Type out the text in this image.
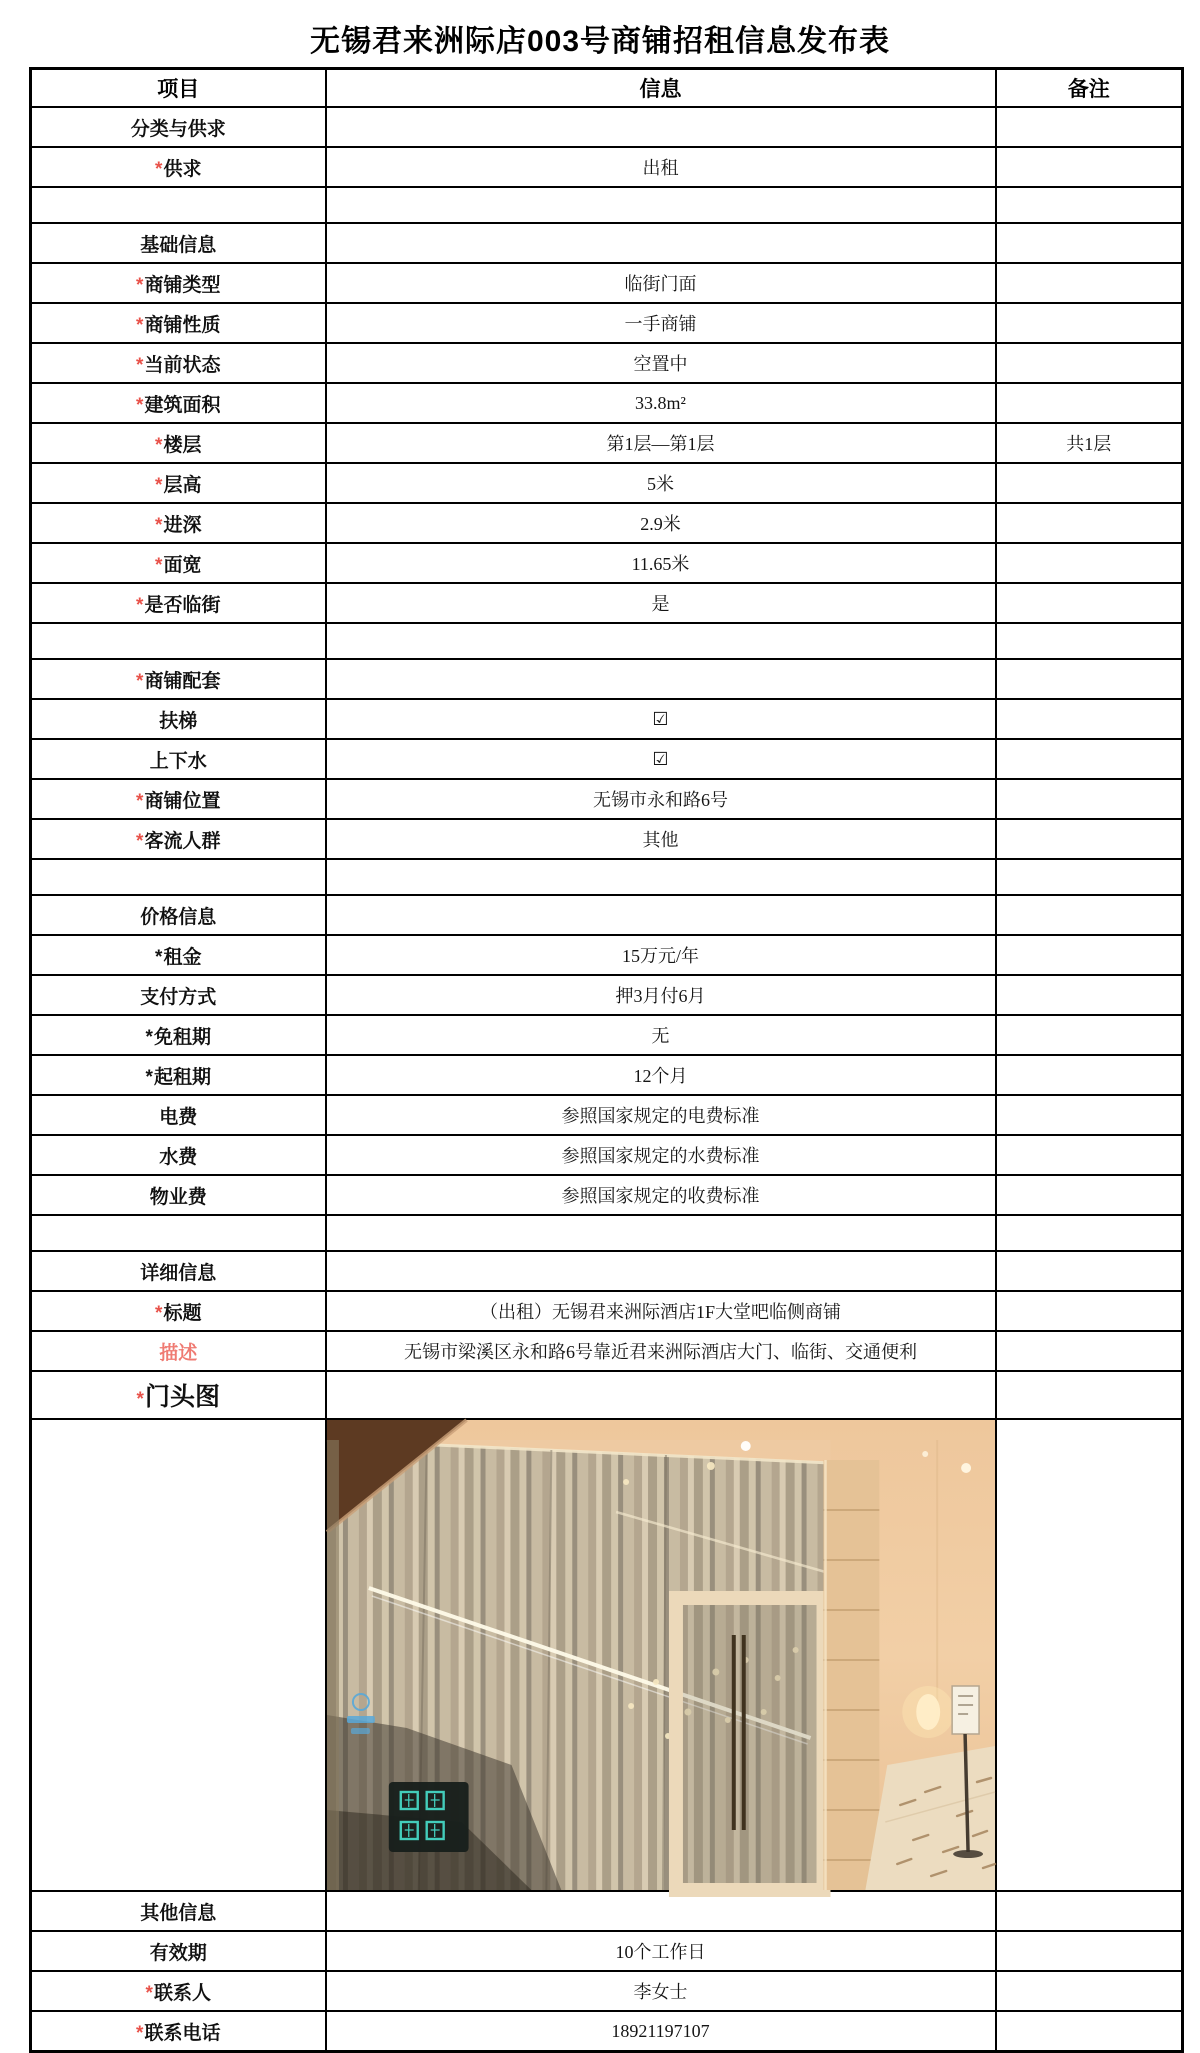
无锡君来洲际店003号商铺招租信息发布表
项目	信息	备注
分类与供求		
*供求	出租	

基础信息		
*商铺类型	临街门面	
*商铺性质	一手商铺	
*当前状态	空置中	
*建筑面积	33.8m²	
*楼层	第1层—第1层	共1层
*层高	5米	
*进深	2.9米	
*面宽	11.65米	
*是否临街	是	

*商铺配套		
扶梯	☑	
上下水	☑	
*商铺位置	无锡市永和路6号	
*客流人群	其他	

价格信息		
*租金	15万元/年	
支付方式	押3月付6月	
*免租期	无	
*起租期	12个月	
电费	参照国家规定的电费标准	
水费	参照国家规定的水费标准	
物业费	参照国家规定的收费标准	

详细信息		
*标题	（出租）无锡君来洲际酒店1F大堂吧临侧商铺	
描述	无锡市梁溪区永和路6号靠近君来洲际酒店大门、临街、交通便利	
*门头图		

其他信息		
有效期	10个工作日	
*联系人	李女士	
*联系电话	18921197107	
